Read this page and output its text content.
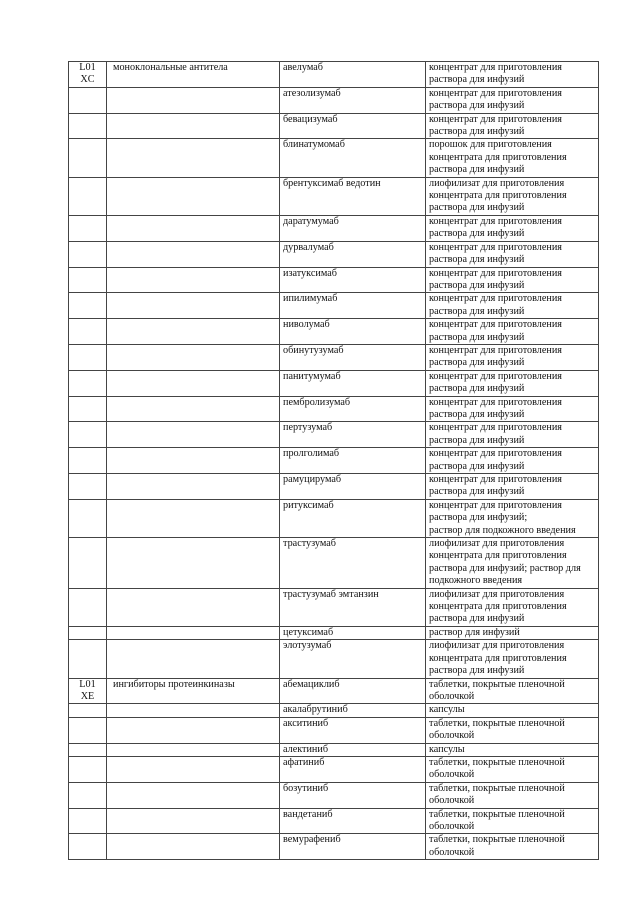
L01
XC	моноклональные антитела	авелумаб	концентрат для приготовления раствора для инфузий
		атезолизумаб	концентрат для приготовления раствора для инфузий
		бевацизумаб	концентрат для приготовления раствора для инфузий
		блинатумомаб	порошок для приготовления концентрата для приготовления раствора для инфузий
		брентуксимаб ведотин	лиофилизат для приготовления концентрата для приготовления раствора для инфузий
		даратумумаб	концентрат для приготовления раствора для инфузий
		дурвалумаб	концентрат для приготовления раствора для инфузий
		изатуксимаб	концентрат для приготовления раствора для инфузий
		ипилимумаб	концентрат для приготовления раствора для инфузий
		ниволумаб	концентрат для приготовления раствора для инфузий
		обинутузумаб	концентрат для приготовления раствора для инфузий
		панитумумаб	концентрат для приготовления раствора для инфузий
		пембролизумаб	концентрат для приготовления раствора для инфузий
		пертузумаб	концентрат для приготовления раствора для инфузий
		пролголимаб	концентрат для приготовления раствора для инфузий
		рамуцирумаб	концентрат для приготовления раствора для инфузий
		ритуксимаб	концентрат для приготовления раствора для инфузий;
раствор для подкожного введения
		трастузумаб	лиофилизат для приготовления концентрата для приготовления раствора для инфузий; раствор для подкожного введения
		трастузумаб эмтанзин	лиофилизат для приготовления концентрата для приготовления раствора для инфузий
		цетуксимаб	раствор для инфузий
		элотузумаб	лиофилизат для приготовления концентрата для приготовления раствора для инфузий
L01
XE	ингибиторы протеинкиназы	абемациклиб	таблетки, покрытые пленочной оболочкой
		акалабрутиниб	капсулы
		акситиниб	таблетки, покрытые пленочной оболочкой
		алектиниб	капсулы
		афатиниб	таблетки, покрытые пленочной оболочкой
		бозутиниб	таблетки, покрытые пленочной оболочкой
		вандетаниб	таблетки, покрытые пленочной оболочкой
		вемурафениб	таблетки, покрытые пленочной оболочкой
